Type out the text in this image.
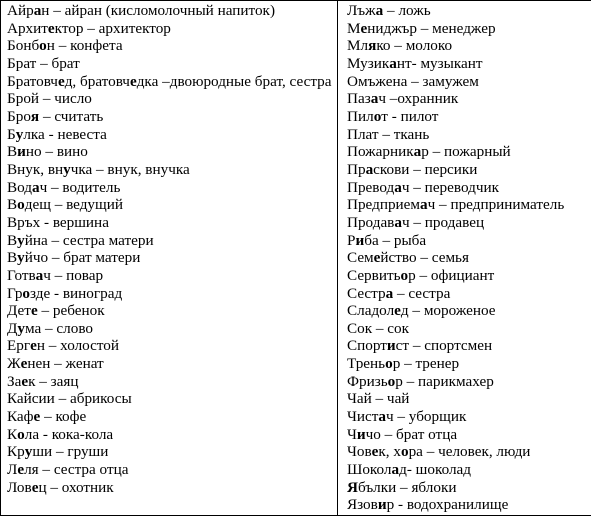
Айран – айран (кисломолочный напиток)
Архитектор – архитектор
Бонбон – конфета
Брат – брат
Братовчед, братовчедка –двоюродные брат, сестра
Брой – число
Броя – считать
Булка - невеста
Вино – вино
Внук, внучка – внук, внучка
Водач – водитель
Водещ – ведущий
Връх - вершина
Вуйна – сестра матери
Вуйчо – брат матери
Готвач – повар
Грозде - виноград
Дете – ребенок
Дума – слово
Ерген – холостой
Женен – женат
Заек – заяц
Кайсии – абрикосы
Кафе – кофе
Кола - кока-кола
Круши – груши
Леля – сестра отца
Ловец – охотник

Лъжа – ложь
Мениджър – менеджер
Мляко – молоко
Музикант- музыкант
Омъжена – замужем
Пазач –охранник
Пилот - пилот
Плат – ткань
Пожарникар – пожарный
Праскови – персики
Преводач – переводчик
Предприемач – предприниматель
Продавач – продавец
Риба – рыба
Семейство – семья
Сервитьор – официант
Сестра – сестра
Сладолед – мороженое
Сок – сок
Спортист – спортсмен
Треньор – тренер
Фризьор – парикмахер
Чай – чай
Чистач – уборщик
Чичо – брат отца
Човек, хора – человек, люди
Шоколад- шоколад
Ябълки – яблоки
Язовир - водохранилище
